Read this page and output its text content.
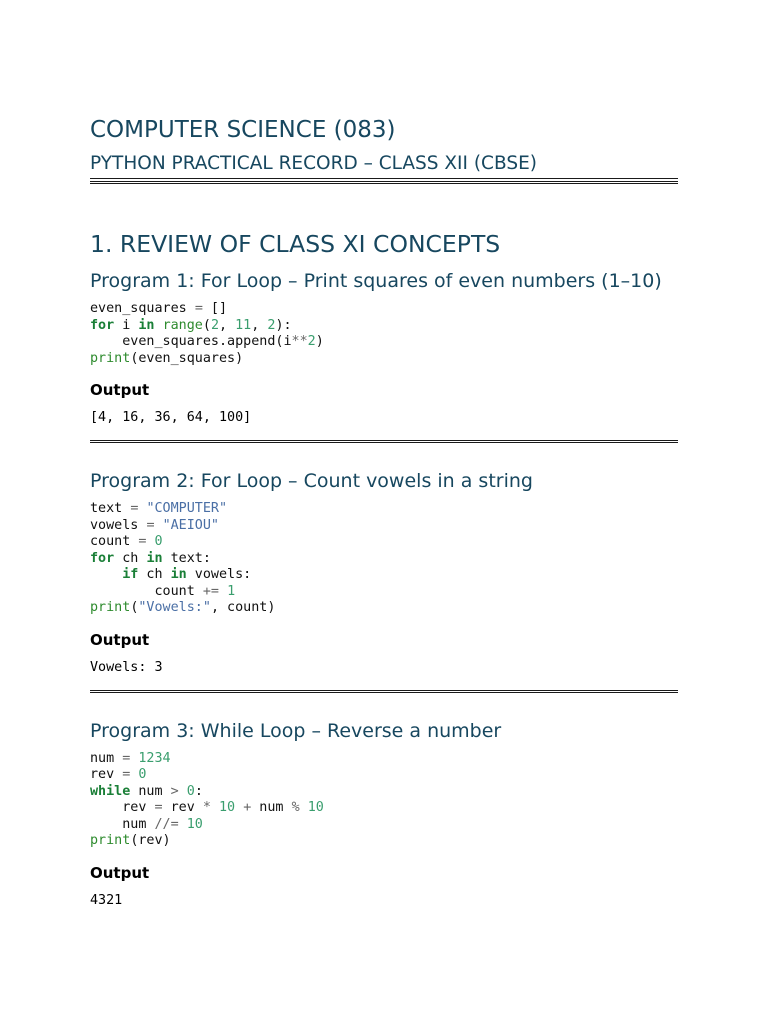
COMPUTER SCIENCE (083)
PYTHON PRACTICAL RECORD – CLASS XII (CBSE)
1. REVIEW OF CLASS XI CONCEPTS
Program 1: For Loop – Print squares of even numbers (1–10)
even_squares = []
for i in range(2, 11, 2):
even_squares.append(i**2)
print(even_squares)
Output
[4, 16, 36, 64, 100]
Program 2: For Loop – Count vowels in a string
text = "COMPUTER"
vowels = "AEIOU"
count = 0
for ch in text:
if ch in vowels:
count += 1
print("Vowels:", count)
Output
Vowels: 3
Program 3: While Loop – Reverse a number
num = 1234
rev = 0
while num > 0:
rev = rev * 10 + num % 10
num //= 10
print(rev)
Output
4321
